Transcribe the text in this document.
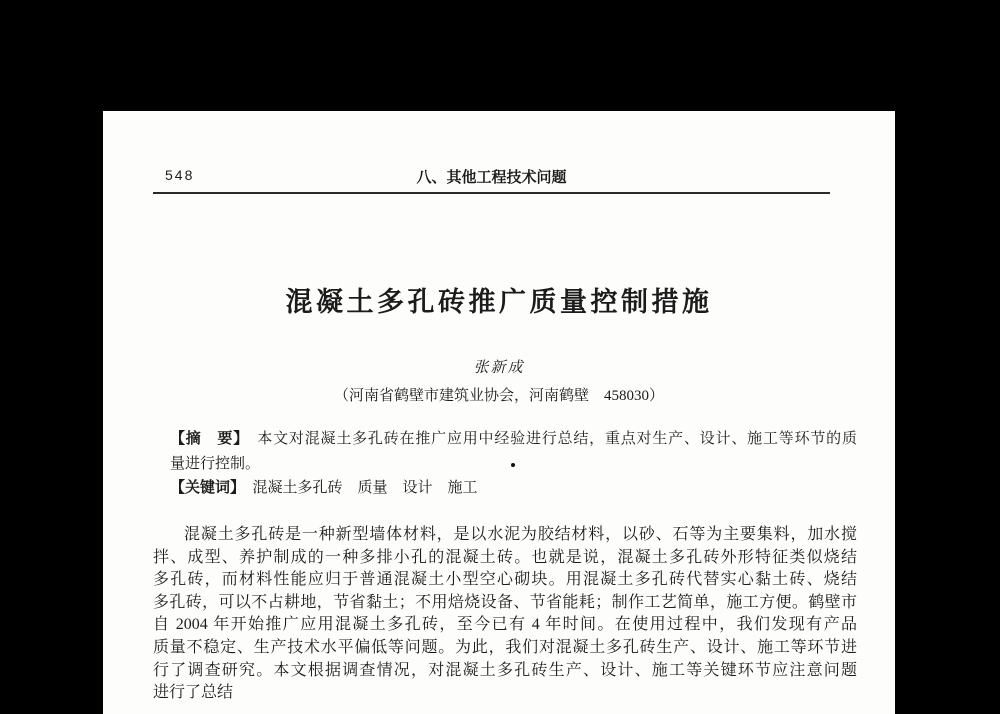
548	八、其他工程技术问题
混凝土多孔砖推广质量控制措施
张新成
（河南省鹤壁市建筑业协会，河南鹤壁　458030）
【摘　要】　本文对混凝土多孔砖在推广应用中经验进行总结，重点对生产、设计、施工等环节的质
量进行控制。
【关键词】　混凝土多孔砖　质量　设计　施工
混凝土多孔砖是一种新型墙体材料，是以水泥为胶结材料，以砂、石等为主要集料，加水搅
拌、成型、养护制成的一种多排小孔的混凝土砖。也就是说，混凝土多孔砖外形特征类似烧结
多孔砖，而材料性能应归于普通混凝土小型空心砌块。用混凝土多孔砖代替实心黏土砖、烧结
多孔砖，可以不占耕地，节省黏土；不用焙烧设备、节省能耗；制作工艺简单，施工方便。鹤壁市
自 2004 年开始推广应用混凝土多孔砖，至今已有 4 年时间。在使用过程中，我们发现有产品
质量不稳定、生产技术水平偏低等问题。为此，我们对混凝土多孔砖生产、设计、施工等环节进
行了调查研究。本文根据调查情况，对混凝土多孔砖生产、设计、施工等关键环节应注意问题
进行了总结
